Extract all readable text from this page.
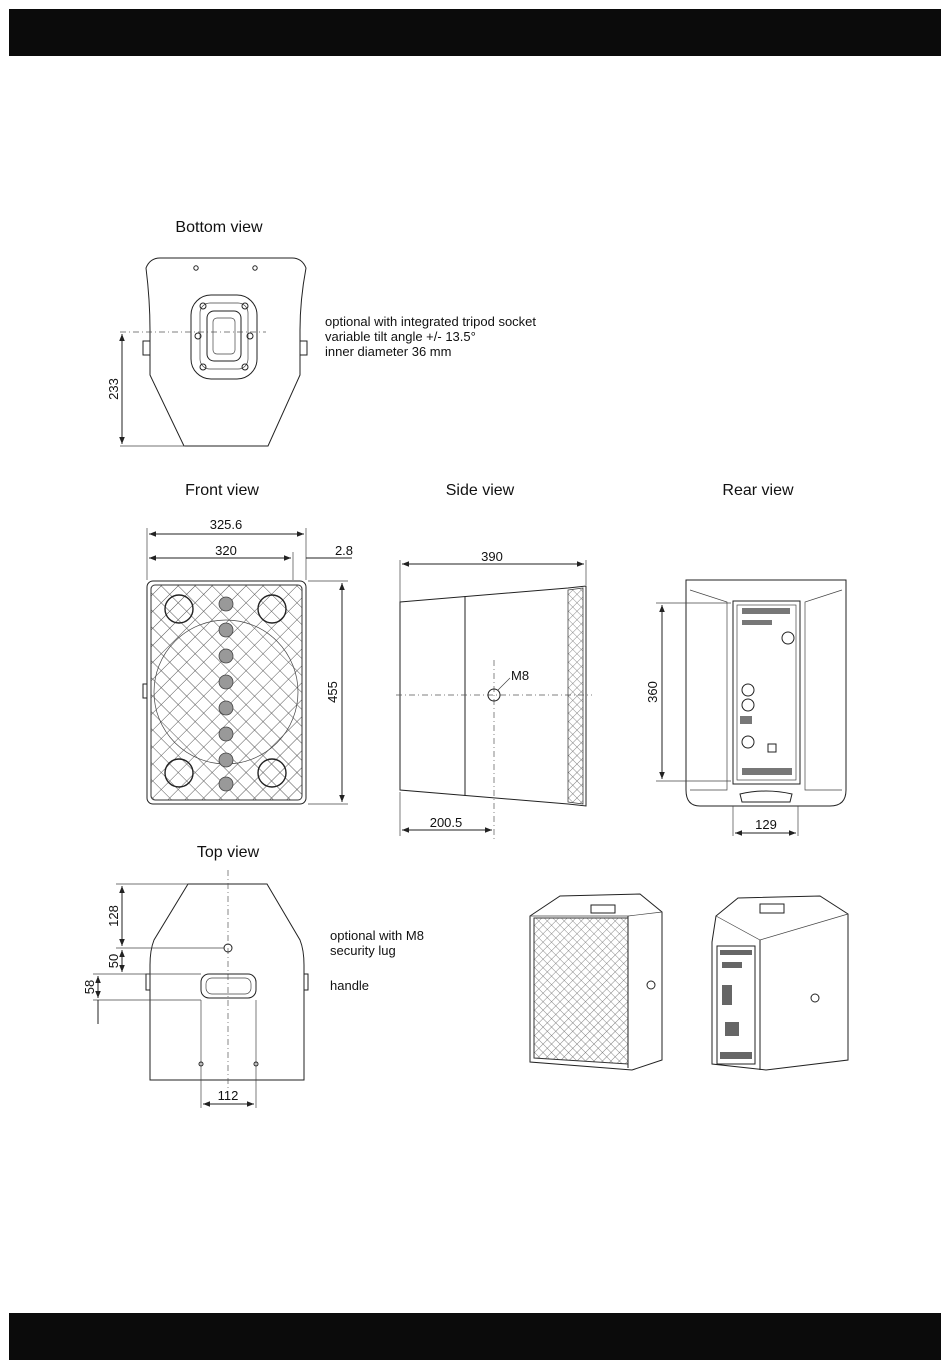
Bottom view
233
optional with integrated tripod socket
variable tilt angle +/- 13.5°
inner diameter 36 mm
Front view
325.6
320	2.8
455
Side view
390
M8
200.5
Rear view
360
129
Top view
128
50
58
112
optional with M8
security lug
handle
